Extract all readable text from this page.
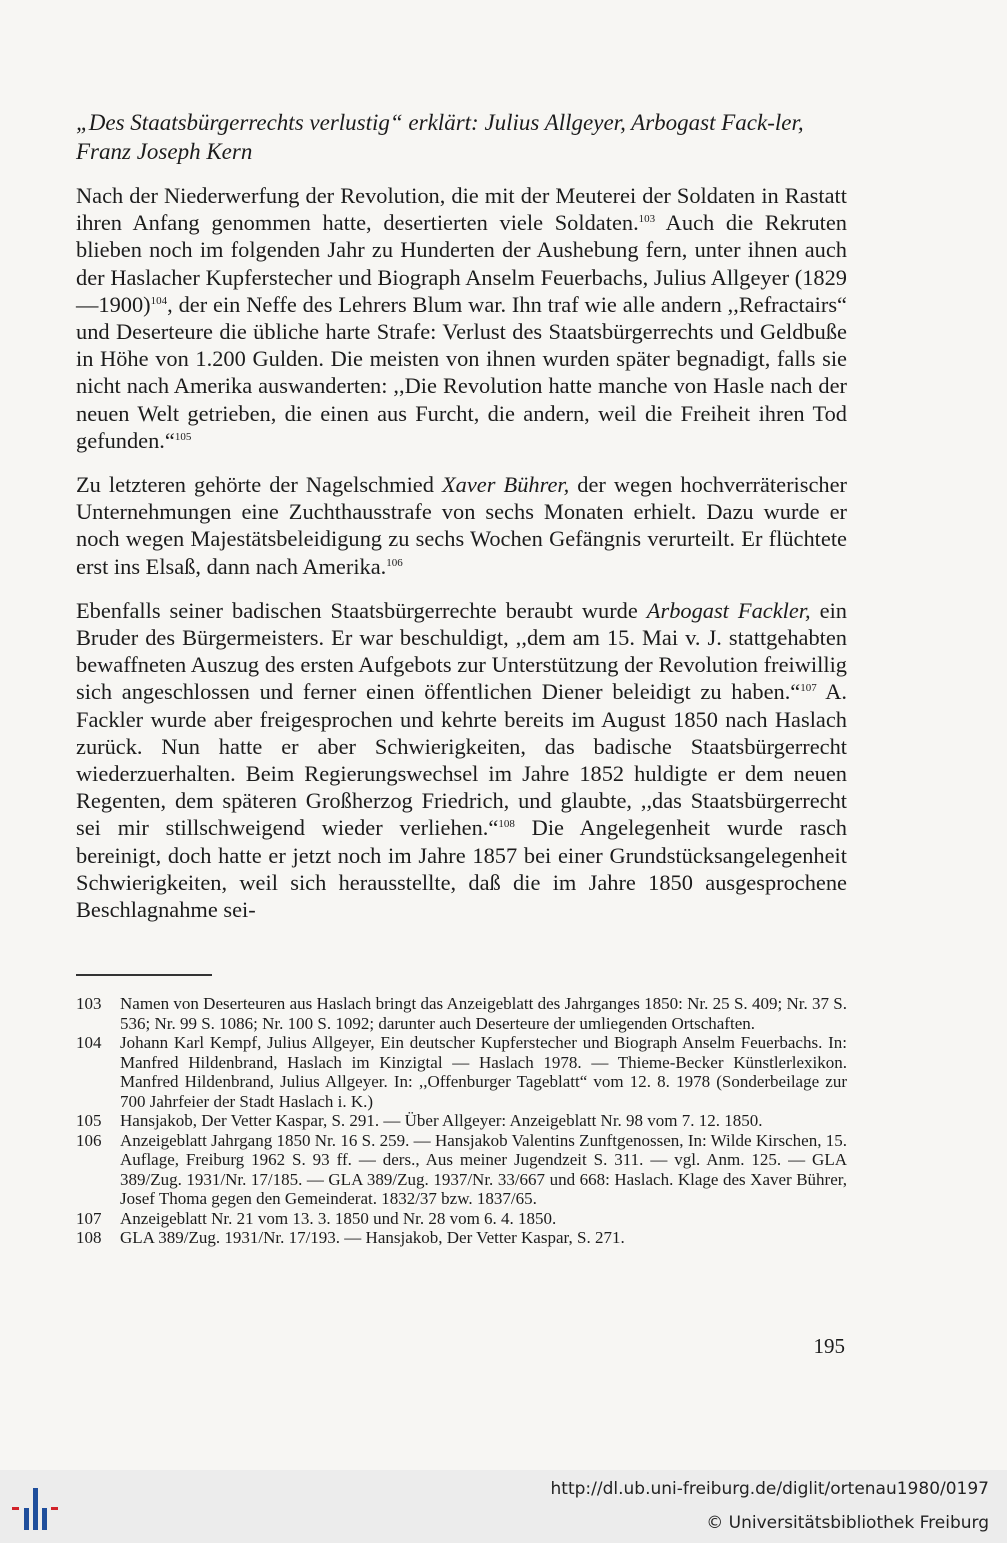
„Des Staatsbürgerrechts verlustig“ erklärt: Julius Allgeyer, Arbogast Fack-ler, Franz Joseph Kern

Nach der Niederwerfung der Revolution, die mit der Meuterei der Soldaten in Rastatt ihren Anfang genommen hatte, desertierten viele Soldaten.$^{103}$ Auch die Rekruten blieben noch im folgenden Jahr zu Hunderten der Aushebung fern, unter ihnen auch der Haslacher Kupferstecher und Biograph Anselm Feuerbachs, Julius Allgeyer (1829—1900)$^{104}$, der ein Neffe des Lehrers Blum war. Ihn traf wie alle andern ,,Refractairs“ und Deserteure die übliche harte Strafe: Verlust des Staatsbürgerrechts und Geldbuße in Höhe von 1.200 Gulden. Die meisten von ihnen wurden später begnadigt, falls sie nicht nach Amerika auswanderten: ,,Die Revolution hatte manche von Hasle nach der neuen Welt getrieben, die einen aus Furcht, die andern, weil die Freiheit ihren Tod gefunden.“$^{105}$

Zu letzteren gehörte der Nagelschmied Xaver Bührer, der wegen hochverräterischer Unternehmungen eine Zuchthausstrafe von sechs Monaten erhielt. Dazu wurde er noch wegen Majestätsbeleidigung zu sechs Wochen Gefängnis verurteilt. Er flüchtete erst ins Elsaß, dann nach Amerika.$^{106}$

Ebenfalls seiner badischen Staatsbürgerrechte beraubt wurde Arbogast Fackler, ein Bruder des Bürgermeisters. Er war beschuldigt, ,,dem am 15. Mai v. J. stattgehabten bewaffneten Auszug des ersten Aufgebots zur Unterstützung der Revolution freiwillig sich angeschlossen und ferner einen öffentlichen Diener beleidigt zu haben.“$^{107}$ A. Fackler wurde aber freigesprochen und kehrte bereits im August 1850 nach Haslach zurück. Nun hatte er aber Schwierigkeiten, das badische Staatsbürgerrecht wiederzuerhalten. Beim Regierungswechsel im Jahre 1852 huldigte er dem neuen Regenten, dem späteren Großherzog Friedrich, und glaubte, ,,das Staatsbürgerrecht sei mir stillschweigend wieder verliehen.“$^{108}$ Die Angelegenheit wurde rasch bereinigt, doch hatte er jetzt noch im Jahre 1857 bei einer Grundstücksangelegenheit Schwierigkeiten, weil sich herausstellte, daß die im Jahre 1850 ausgesprochene Beschlagnahme sei-

103	Namen von Deserteuren aus Haslach bringt das Anzeigeblatt des Jahrganges 1850: Nr. 25 S. 409; Nr. 37 S. 536; Nr. 99 S. 1086; Nr. 100 S. 1092; darunter auch Deserteure der umliegenden Ortschaften.
104	Johann Karl Kempf, Julius Allgeyer, Ein deutscher Kupferstecher und Biograph Anselm Feuerbachs. In: Manfred Hildenbrand, Haslach im Kinzigtal — Haslach 1978. — Thieme-Becker Künstlerlexikon. Manfred Hildenbrand, Julius Allgeyer. In: ,,Offenburger Tageblatt“ vom 12. 8. 1978 (Sonderbeilage zur 700 Jahrfeier der Stadt Haslach i. K.)
105	Hansjakob, Der Vetter Kaspar, S. 291. — Über Allgeyer: Anzeigeblatt Nr. 98 vom 7. 12. 1850.
106	Anzeigeblatt Jahrgang 1850 Nr. 16 S. 259. — Hansjakob Valentins Zunftgenossen, In: Wilde Kirschen, 15. Auflage, Freiburg 1962 S. 93 ff. — ders., Aus meiner Jugendzeit S. 311. — vgl. Anm. 125. — GLA 389/Zug. 1931/Nr. 17/185. — GLA 389/Zug. 1937/Nr. 33/667 und 668: Haslach. Klage des Xaver Bührer, Josef Thoma gegen den Gemeinderat. 1832/37 bzw. 1837/65.
107	Anzeigeblatt Nr. 21 vom 13. 3. 1850 und Nr. 28 vom 6. 4. 1850.
108	GLA 389/Zug. 1931/Nr. 17/193. — Hansjakob, Der Vetter Kaspar, S. 271.
195
http://dl.ub.uni-freiburg.de/diglit/ortenau1980/0197
© Universitätsbibliothek Freiburg
